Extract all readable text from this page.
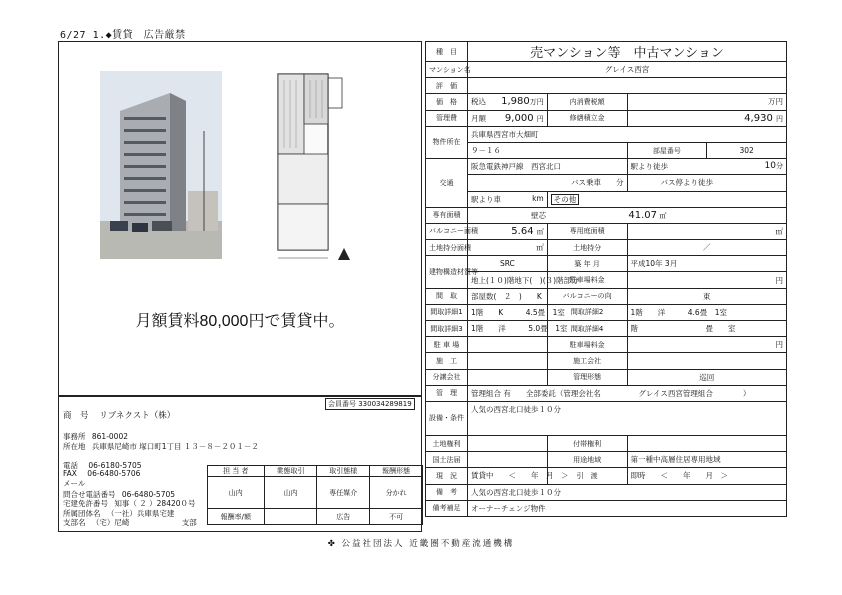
6/27 1.◆賃貸　広告厳禁
月額賃料80,000円で賃貸中。
会員番号 330034289819
商　号 リブネクスト（株）
事務所 861-0002
所在地 兵庫県尼崎市 塚口町1丁目 １３－８－２０１－２
電話 06-6180-5705
FAX 06-6480-5706
メール
問合せ電話番号 06-6480-5705
宅建免許番号 知事（ ２ ）28420０号
所属団体名 （一社）兵庫県宅建
支部名 （宅）尼崎	支部
担 当 者	業態取引	取引態様	報酬形態
山内	山内	専任媒介	分かれ
報酬率/額		広告	不可
種　目	売マンション等　中古マンション			
マンション名	グレイス西宮			
評　価				
価　格	税込 1,980万円	内消費税額	万円	
管理費	月額 9,000 円	修繕積立金	4,930 円	
物件所在	兵庫県西宮市大畑町			
	９－１６		部屋番号	302
交通	阪急電鉄神戸線　西宮北口		駅より徒歩 10分	

	バス乗車　　 分		バス停より徒歩	
	駅より車 km	その他		
専有面積	壁芯 41.07 ㎡			
バルコニー面積	5.64 ㎡	専用庭面積	㎡	
土地持分面積	㎡	土地持分	／	
建物構造材質等	SRC	築 年 月	平成10年 3月	
	地上(１０)階地下(　)(３)階部分	駐車場料金	円	
間　取	部屋数(　２　)　　K	バルコニーの向	東	
間取詳細1	1階　　K　　　4.5畳　1室	間取詳細2	1階　　洋　　　4.6畳　1室	
間取詳細3	1階　　洋　　　5.0畳　1室	間取詳細4	階　　　　　　　　　畳　　室	
駐 車 場		駐車場料金	円	
施　工		施工会社		
分譲会社		管理形態	巡回	
管　理	管理組合 有　　全部委託（管理会社名　　　　　グレイス西宮管理組合　　　　）			
設備・条件	人気の西宮北口徒歩１０分			
土地権利		付帯権利		
国土法届		用途地域	第一種中高層住居専用地域	
現　況	賃貸中　　＜　　年　月　＞	引　渡	即時　　＜　　年　　月　＞	
備　考	人気の西宮北口徒歩１０分			
備考補足	オーナーチェンジ物件			
✤ 公益社団法人 近畿圏不動産流通機構
